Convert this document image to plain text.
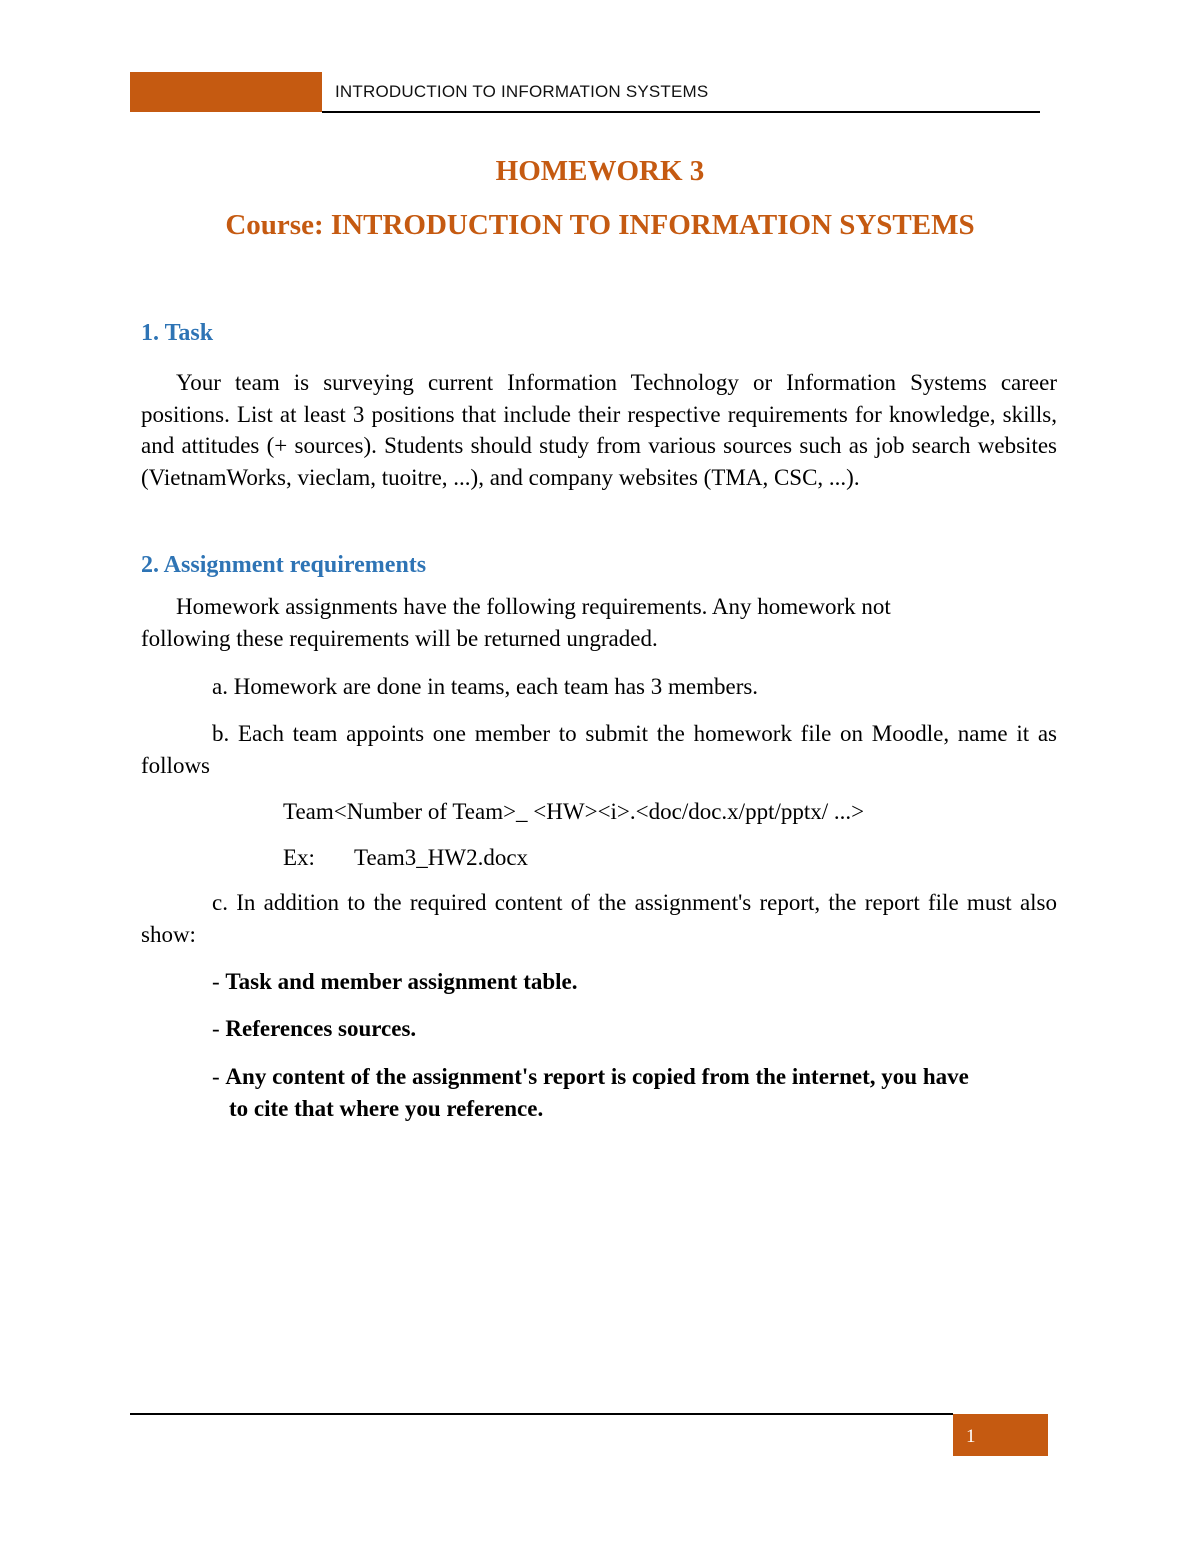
INTRODUCTION TO INFORMATION SYSTEMS
HOMEWORK 3
Course: INTRODUCTION TO INFORMATION SYSTEMS
1. Task
Your team is surveying current Information Technology or Information Systems career positions. List at least 3 positions that include their respective requirements for knowledge, skills, and attitudes (+ sources). Students should study from various sources such as job search websites (VietnamWorks, vieclam, tuoitre, ...), and company websites (TMA, CSC, ...).
2. Assignment requirements
Homework assignments have the following requirements. Any homework not
following these requirements will be returned ungraded.
a. Homework are done in teams, each team has 3 members.
b. Each team appoints one member to submit the homework file on Moodle, name it as follows
Team<Number of Team>_ <HW><i>.<doc/doc.x/ppt/pptx/ ...>
Ex: Team3_HW2.docx
c. In addition to the required content of the assignment's report, the report file must also show:
- Task and member assignment table.
- References sources.
- Any content of the assignment's report is copied from the internet, you have
to cite that where you reference.
1
